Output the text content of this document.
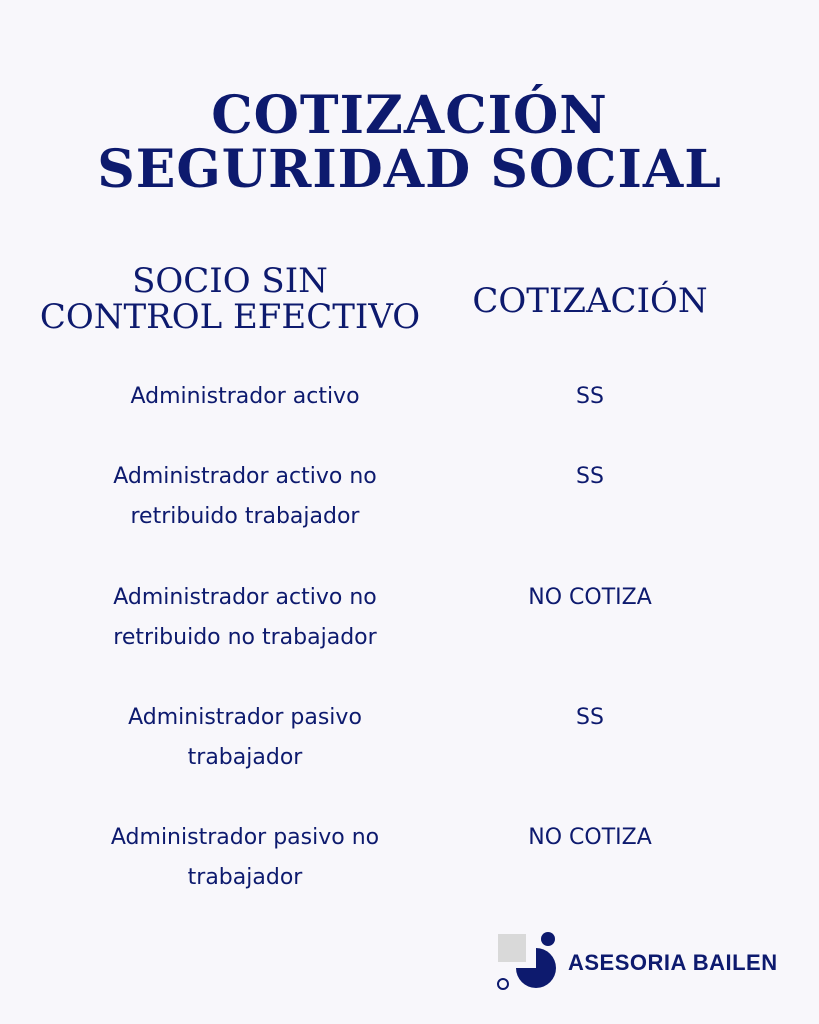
COTIZACIÓN
SEGURIDAD SOCIAL
SOCIO SIN
CONTROL EFECTIVO	COTIZACIÓN
Administrador activo	SS
Administrador activo no
retribuido trabajador
SS
Administrador activo no
retribuido no trabajador
NO COTIZA
Administrador pasivo
trabajador
SS
Administrador pasivo no
trabajador
NO COTIZA
ASESORIA BAILEN
